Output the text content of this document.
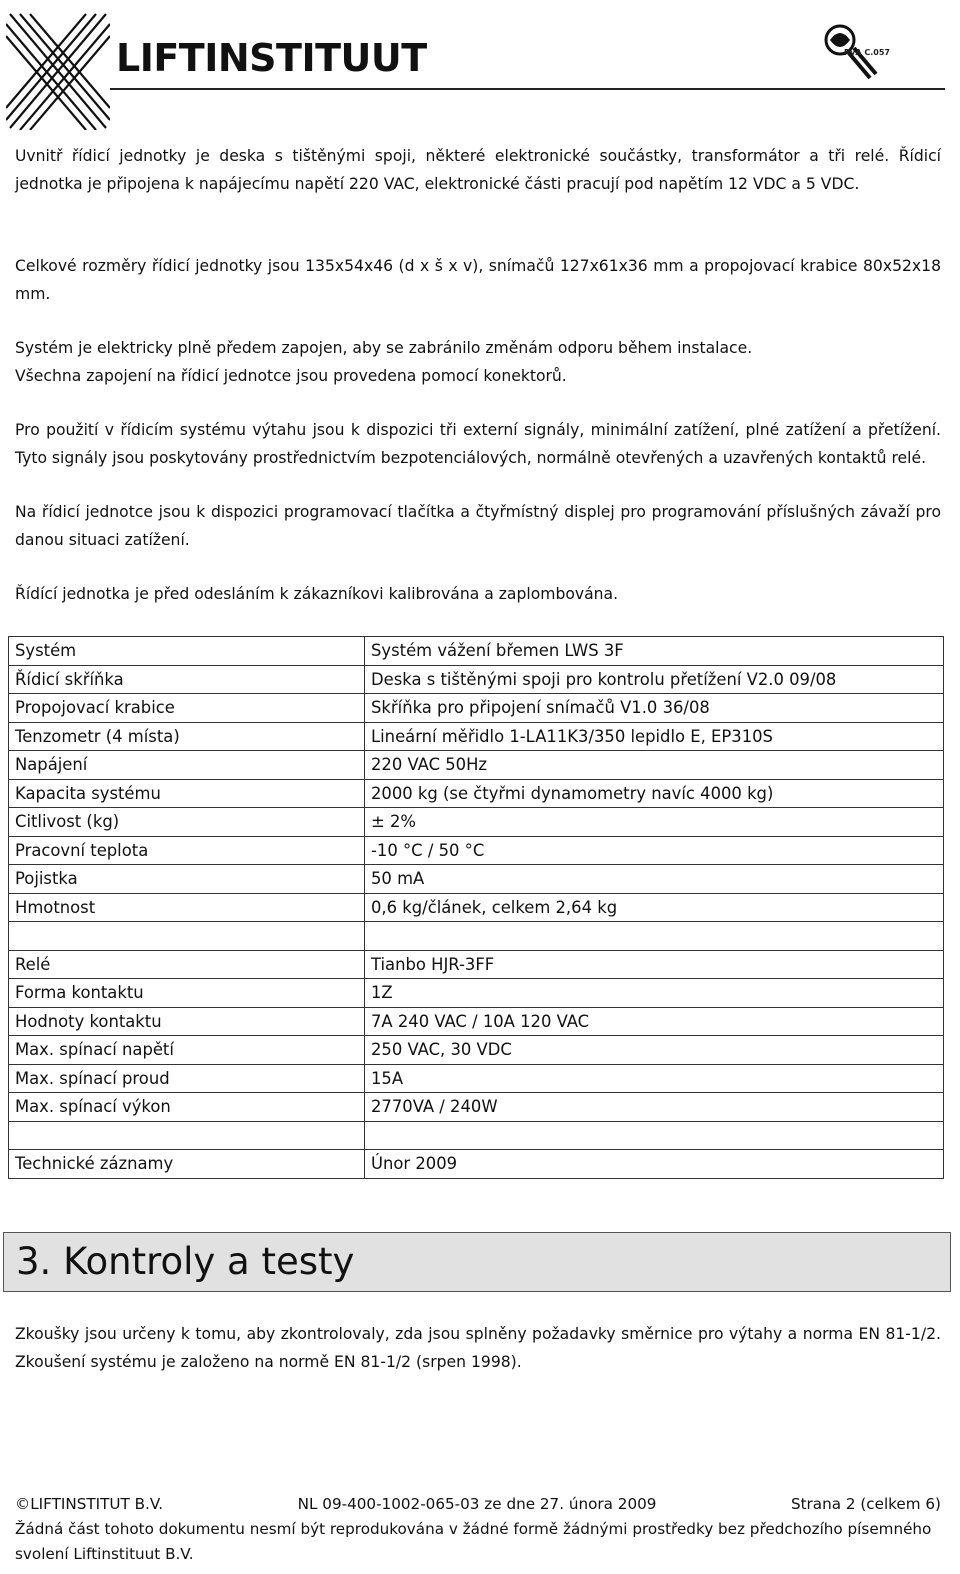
LIFTINSTITUUT	RvA C.057

Uvnitř řídicí jednotky je deska s tištěnými spoji, některé elektronické součástky, transformátor a tři relé. Řídicí jednotka je připojena k napájecímu napětí 220 VAC, elektronické části pracují pod napětím 12 VDC a 5 VDC.

Celkové rozměry řídicí jednotky jsou 135x54x46 (d x š x v), snímačů 127x61x36 mm a propojovací krabice 80x52x18 mm.

Systém je elektricky plně předem zapojen, aby se zabránilo změnám odporu během instalace.
Všechna zapojení na řídicí jednotce jsou provedena pomocí konektorů.

Pro použití v řídicím systému výtahu jsou k dispozici tři externí signály, minimální zatížení, plné zatížení a přetížení. Tyto signály jsou poskytovány prostřednictvím bezpotenciálových, normálně otevřených a uzavřených kontaktů relé.

Na řídicí jednotce jsou k dispozici programovací tlačítka a čtyřmístný displej pro programování příslušných závaží pro danou situaci zatížení.

Řídící jednotka je před odesláním k zákazníkovi kalibrována a zaplombována.

Systém	Systém vážení břemen LWS 3F
Řídicí skříňka	Deska s tištěnými spoji pro kontrolu přetížení V2.0 09/08
Propojovací krabice	Skříňka pro připojení snímačů V1.0 36/08
Tenzometr (4 místa)	Lineární měřidlo 1-LA11K3/350 lepidlo E, EP310S
Napájení	220 VAC 50Hz
Kapacita systému	2000 kg (se čtyřmi dynamometry navíc 4000 kg)
Citlivost (kg)	± 2%
Pracovní teplota	-10 °C / 50 °C
Pojistka	50 mA
Hmotnost	0,6 kg/článek, celkem 2,64 kg

Relé	Tianbo HJR-3FF
Forma kontaktu	1Z
Hodnoty kontaktu	7A 240 VAC / 10A 120 VAC
Max. spínací napětí	250 VAC, 30 VDC
Max. spínací proud	15A
Max. spínací výkon	2770VA / 240W

Technické záznamy	Únor 2009
3. Kontroly a testy

Zkoušky jsou určeny k tomu, aby zkontrolovaly, zda jsou splněny požadavky směrnice pro výtahy a norma EN 81-1/2. Zkoušení systému je založeno na normě EN 81-1/2 (srpen 1998).

©LIFTINSTITUT B.V.	NL 09-400-1002-065-03 ze dne 27. února 2009	Strana 2 (celkem 6)
Žádná část tohoto dokumentu nesmí být reprodukována v žádné formě žádnými prostředky bez předchozího písemného svolení Liftinstituut B.V.
